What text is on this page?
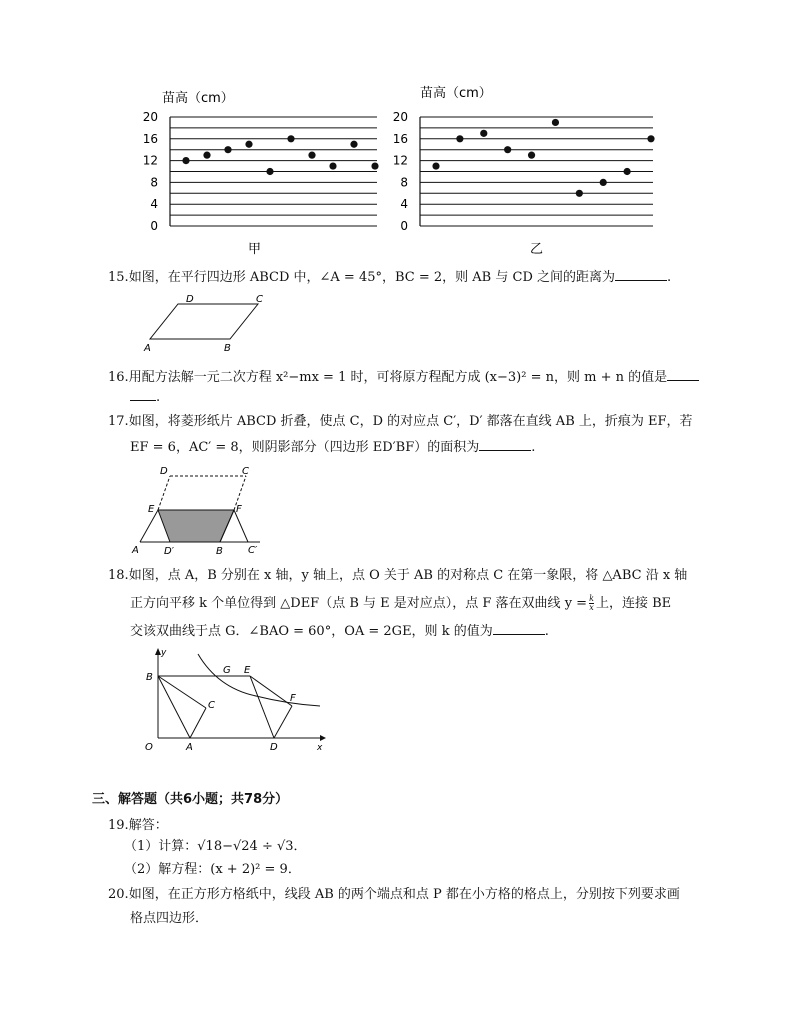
苗高（cm）
20
16
12
8
4
0
甲
苗高（cm）
20
16
12
8
4
0
乙
15.如图，在平行四边形 ABCD 中，∠A = 45°，BC = 2，则 AB 与 CD 之间的距离为	.
A	B
C
D
16.用配方法解一元二次方程 x²−mx = 1 时，可将原方程配方成 (x−3)² = n，则 m + n 的值是
.
17.如图，将菱形纸片 ABCD 折叠，使点 C，D 的对应点 C′，D′ 都落在直线 AB 上，折痕为 EF，若
EF = 6，AC′ = 8，则阴影部分（四边形 ED′BF）的面积为	.
A	D′	B	C′
E	F
D	C
18.如图，点 A，B 分别在 x 轴，y 轴上，点 O 关于 AB 的对称点 C 在第一象限，将 △ABC 沿 x 轴
正方向平移 k 个单位得到 △DEF（点 B 与 E 是对应点），点 F 落在双曲线 $y = \frac{k}{x}$ 上，连接 BE
交该双曲线于点 G．∠BAO = 60°，OA = 2GE，则 k 的值为	.
y
x
O	A
B
C
D
E
F
G
三、解答题（共6小题；共78分）
19.解答：
（1）计算：√18−√24 ÷ √3．
（2）解方程：(x + 2)² = 9．
20.如图，在正方形方格纸中，线段 AB 的两个端点和点 P 都在小方格的格点上，分别按下列要求画
格点四边形．
